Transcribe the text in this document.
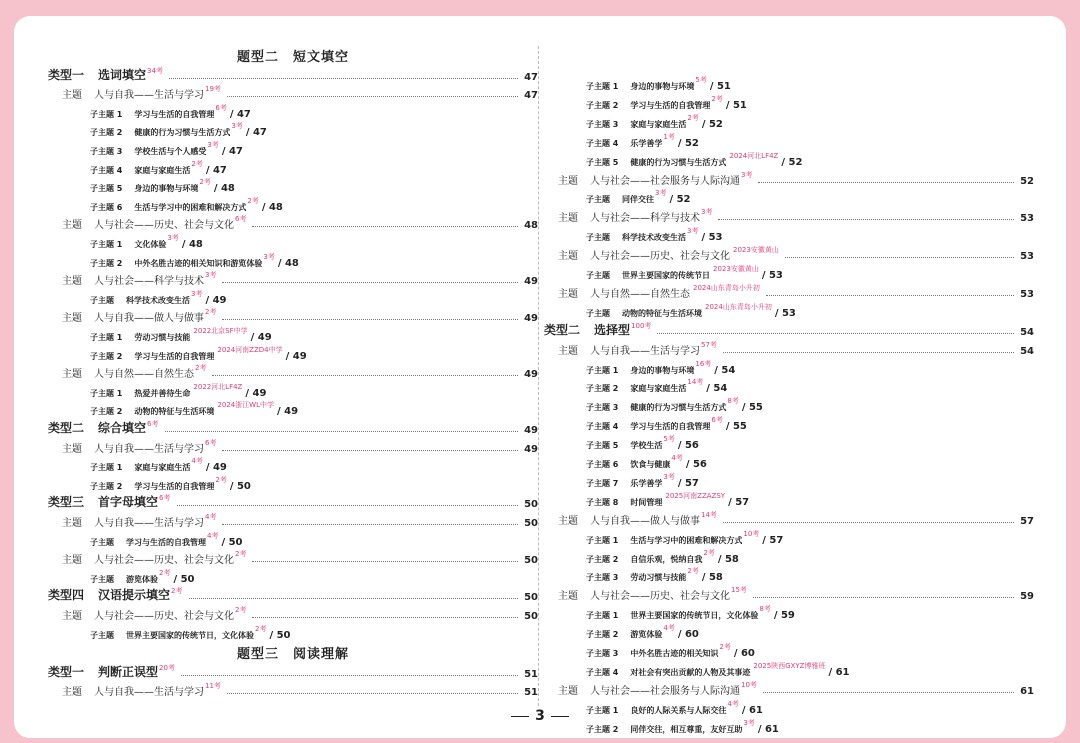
题型二　短文填空
类型一 选词填空 34考
47
主题 人与自我——生活与学习
19考
47
子主题 1 学习与生活的自我管理
6考
/ 47
子主题 2 健康的行为习惯与生活方式
3考
/ 47
子主题 3 学校生活与个人感受
3考
/ 47
子主题 4 家庭与家庭生活
2考
/ 47
子主题 5 身边的事物与环境
2考
/ 48
子主题 6 生活与学习中的困难和解决方式
2考
/ 48
主题 人与社会——历史、社会与文化
6考
48
子主题 1 文化体验
3考
/ 48
子主题 2 中外名胜古迹的相关知识和游览体验
3考
/ 48
主题 人与社会——科学与技术
3考
49
子主题 科学技术改变生活
3考
/ 49
主题 人与自我——做人与做事
2考
49
子主题 1 劳动习惯与技能
2022北京SF中学
/ 49
子主题 2 学习与生活的自我管理
2024河南ZZD4中学
/ 49
主题 人与自然——自然生态
2考
49
子主题 1 热爱并善待生命
2022河北LF4Z
/ 49
子主题 2 动物的特征与生活环境
2024浙江WL中学
/ 49
类型二 综合填空 6考
49
主题 人与自我——生活与学习
6考
49
子主题 1 家庭与家庭生活
4考
/ 49
子主题 2 学习与生活的自我管理
2考
/ 50
类型三 首字母填空 6考
50
主题 人与自我——生活与学习
4考
50
子主题 学习与生活的自我管理
4考
/ 50
主题 人与社会——历史、社会与文化
2考
50
子主题 游览体验
2考
/ 50
类型四 汉语提示填空 2考
50
主题 人与社会——历史、社会与文化
2考
50
子主题 世界主要国家的传统节日，文化体验
2考
/ 50
题型三　阅读理解
类型一 判断正误型 20考
51
主题 人与自我——生活与学习
11考
51
子主题 1 身边的事物与环境
5考
/ 51
子主题 2 学习与生活的自我管理
2考
/ 51
子主题 3 家庭与家庭生活
2考
/ 52
子主题 4 乐学善学
1考
/ 52
子主题 5 健康的行为习惯与生活方式
2024河北LF4Z
/ 52
主题 人与社会——社会服务与人际沟通
3考
52
子主题 同伴交往
3考
/ 52
主题 人与社会——科学与技术
3考
53
子主题 科学技术改变生活
3考
/ 53
主题 人与社会——历史、社会与文化
2023安徽黄山
53
子主题 世界主要国家的传统节日
2023安徽黄山
/ 53
主题 人与自然——自然生态
2024山东青岛小升初
53
子主题 动物的特征与生活环境
2024山东青岛小升初
/ 53
类型二 选择型 100考
54
主题 人与自我——生活与学习
57考
54
子主题 1 身边的事物与环境
16考
/ 54
子主题 2 家庭与家庭生活
14考
/ 54
子主题 3 健康的行为习惯与生活方式
8考
/ 55
子主题 4 学习与生活的自我管理
6考
/ 55
子主题 5 学校生活
5考
/ 56
子主题 6 饮食与健康
4考
/ 56
子主题 7 乐学善学
3考
/ 57
子主题 8 时间管理
2025河南ZZAZSY
/ 57
主题 人与自我——做人与做事
14考
57
子主题 1 生活与学习中的困难和解决方式
10考
/ 57
子主题 2 自信乐观，悦纳自我
2考
/ 58
子主题 3 劳动习惯与技能
2考
/ 58
主题 人与社会——历史、社会与文化
15考
59
子主题 1 世界主要国家的传统节日，文化体验
8考
/ 59
子主题 2 游览体验
4考
/ 60
子主题 3 中外名胜古迹的相关知识
2考
/ 60
子主题 4 对社会有突出贡献的人物及其事迹
2025陕西GXYZ博雅班
/ 61
主题 人与社会——社会服务与人际沟通
10考
61
子主题 1 良好的人际关系与人际交往
4考
/ 61
子主题 2 同伴交往，相互尊重，友好互助
3考
/ 61
3
